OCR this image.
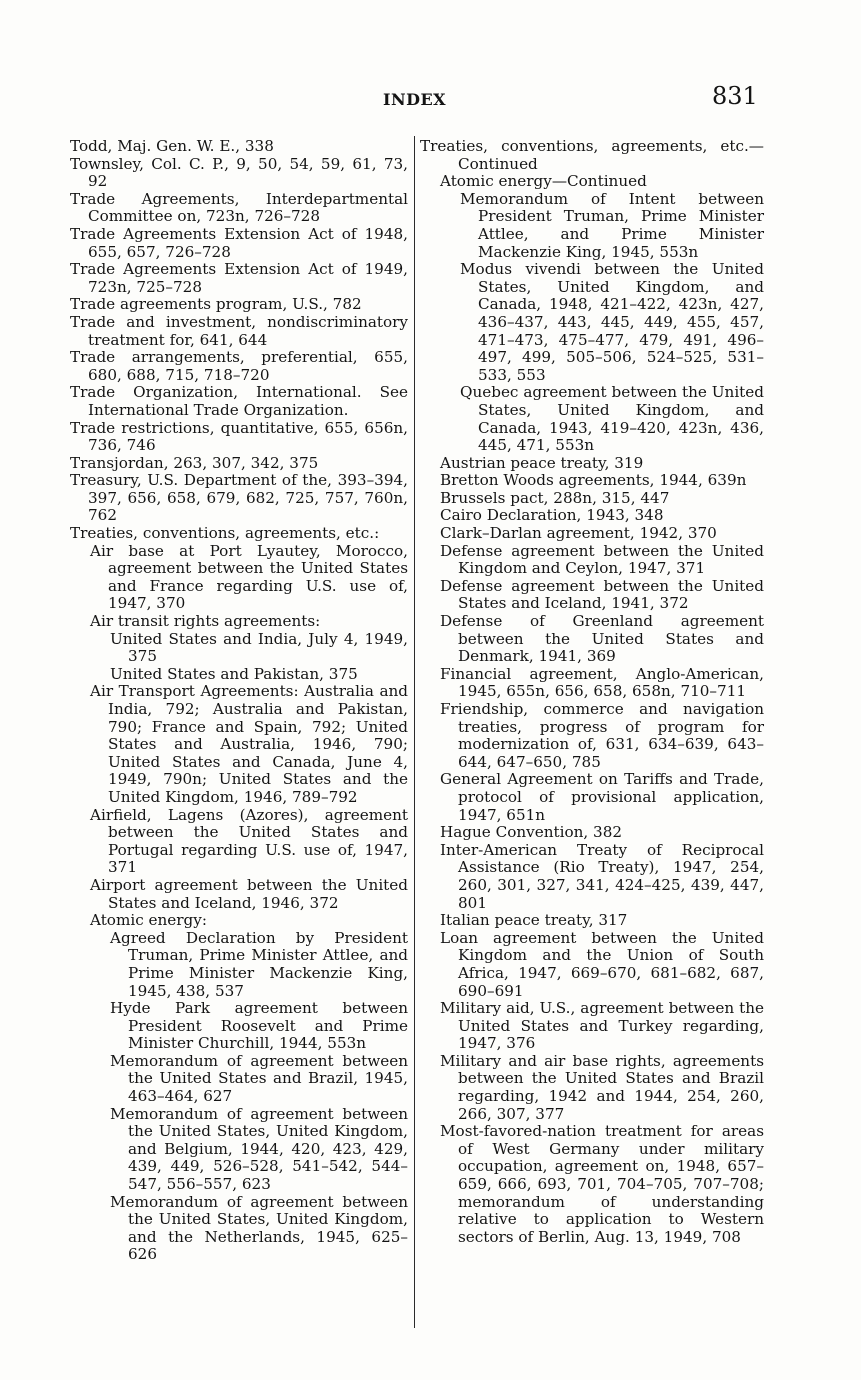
INDEX	831

Todd, Maj. Gen. W. E., 338

Townsley, Col. C. P., 9, 50, 54, 59, 61, 73, 92

Trade Agreements, Interdepartmental Committee on, 723n, 726–728

Trade Agreements Extension Act of 1948, 655, 657, 726–728

Trade Agreements Extension Act of 1949, 723n, 725–728

Trade agreements program, U.S., 782

Trade and investment, nondiscriminatory treatment for, 641, 644

Trade arrangements, preferential, 655, 680, 688, 715, 718–720

Trade Organization, International. See International Trade Organization.

Trade restrictions, quantitative, 655, 656n, 736, 746

Transjordan, 263, 307, 342, 375

Treasury, U.S. Department of the, 393–394, 397, 656, 658, 679, 682, 725, 757, 760n, 762

Treaties, conventions, agreements, etc.:

Air base at Port Lyautey, Morocco, agreement between the United States and France regarding U.S. use of, 1947, 370

Air transit rights agreements:

United States and India, July 4, 1949, 375

United States and Pakistan, 375

Air Transport Agreements: Australia and India, 792; Australia and Pakistan, 790; France and Spain, 792; United States and Australia, 1946, 790; United States and Canada, June 4, 1949, 790n; United States and the United Kingdom, 1946, 789–792

Airfield, Lagens (Azores), agreement between the United States and Portugal regarding U.S. use of, 1947, 371

Airport agreement between the United States and Iceland, 1946, 372

Atomic energy:

Agreed Declaration by President Truman, Prime Minister Attlee, and Prime Minister Mackenzie King, 1945, 438, 537

Hyde Park agreement between President Roosevelt and Prime Minister Churchill, 1944, 553n

Memorandum of agreement between the United States and Brazil, 1945, 463–464, 627

Memorandum of agreement between the United States, United Kingdom, and Belgium, 1944, 420, 423, 429, 439, 449, 526–528, 541–542, 544–547, 556–557, 623

Memorandum of agreement between the United States, United Kingdom, and the Netherlands, 1945, 625–626

Treaties, conventions, agreements, etc.—Continued

Atomic energy—Continued

Memorandum of Intent between President Truman, Prime Minister Attlee, and Prime Minister Mackenzie King, 1945, 553n

Modus vivendi between the United States, United Kingdom, and Canada, 1948, 421–422, 423n, 427, 436–437, 443, 445, 449, 455, 457, 471–473, 475–477, 479, 491, 496–497, 499, 505–506, 524–525, 531–533, 553

Quebec agreement between the United States, United Kingdom, and Canada, 1943, 419–420, 423n, 436, 445, 471, 553n

Austrian peace treaty, 319

Bretton Woods agreements, 1944, 639n

Brussels pact, 288n, 315, 447

Cairo Declaration, 1943, 348

Clark–Darlan agreement, 1942, 370

Defense agreement between the United Kingdom and Ceylon, 1947, 371

Defense agreement between the United States and Iceland, 1941, 372

Defense of Greenland agreement between the United States and Denmark, 1941, 369

Financial agreement, Anglo-American, 1945, 655n, 656, 658, 658n, 710–711

Friendship, commerce and navigation treaties, progress of program for modernization of, 631, 634–639, 643–644, 647–650, 785

General Agreement on Tariffs and Trade, protocol of provisional application, 1947, 651n

Hague Convention, 382

Inter-American Treaty of Reciprocal Assistance (Rio Treaty), 1947, 254, 260, 301, 327, 341, 424–425, 439, 447, 801

Italian peace treaty, 317

Loan agreement between the United Kingdom and the Union of South Africa, 1947, 669–670, 681–682, 687, 690–691

Military aid, U.S., agreement between the United States and Turkey regarding, 1947, 376

Military and air base rights, agreements between the United States and Brazil regarding, 1942 and 1944, 254, 260, 266, 307, 377

Most-favored-nation treatment for areas of West Germany under military occupation, agreement on, 1948, 657–659, 666, 693, 701, 704–705, 707–708; memorandum of understanding relative to application to Western sectors of Berlin, Aug. 13, 1949, 708
